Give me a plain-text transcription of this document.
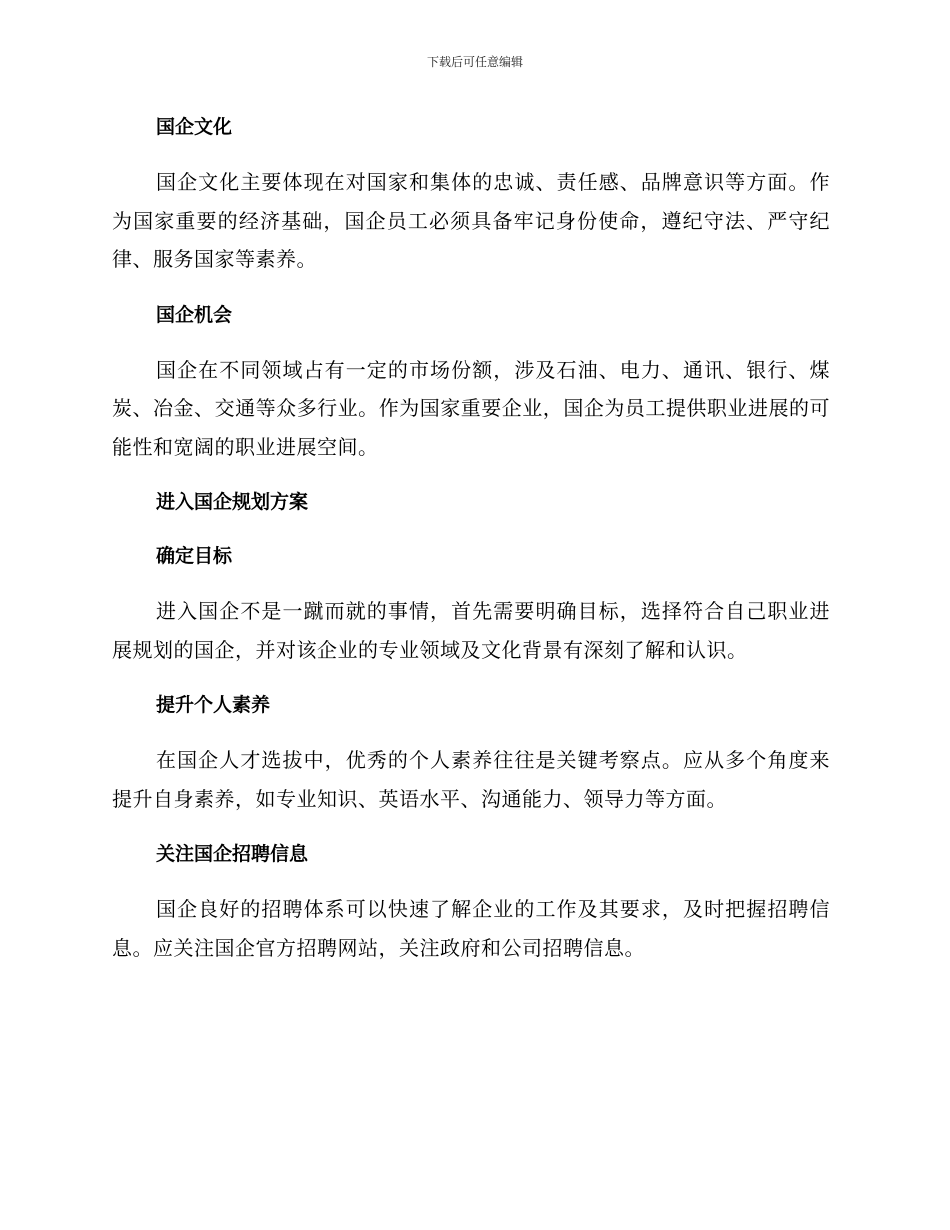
下载后可任意编辑
国企文化

国企文化主要体现在对国家和集体的忠诚、责任感、品牌意识等方面。作为国家重要的经济基础，国企员工必须具备牢记身份使命，遵纪守法、严守纪律、服务国家等素养。

国企机会

国企在不同领域占有一定的市场份额，涉及石油、电力、通讯、银行、煤炭、冶金、交通等众多行业。作为国家重要企业，国企为员工提供职业进展的可能性和宽阔的职业进展空间。

进入国企规划方案
确定目标

进入国企不是一蹴而就的事情，首先需要明确目标，选择符合自己职业进展规划的国企，并对该企业的专业领域及文化背景有深刻了解和认识。

提升个人素养

在国企人才选拔中，优秀的个人素养往往是关键考察点。应从多个角度来提升自身素养，如专业知识、英语水平、沟通能力、领导力等方面。

关注国企招聘信息

国企良好的招聘体系可以快速了解企业的工作及其要求，及时把握招聘信息。应关注国企官方招聘网站，关注政府和公司招聘信息。
